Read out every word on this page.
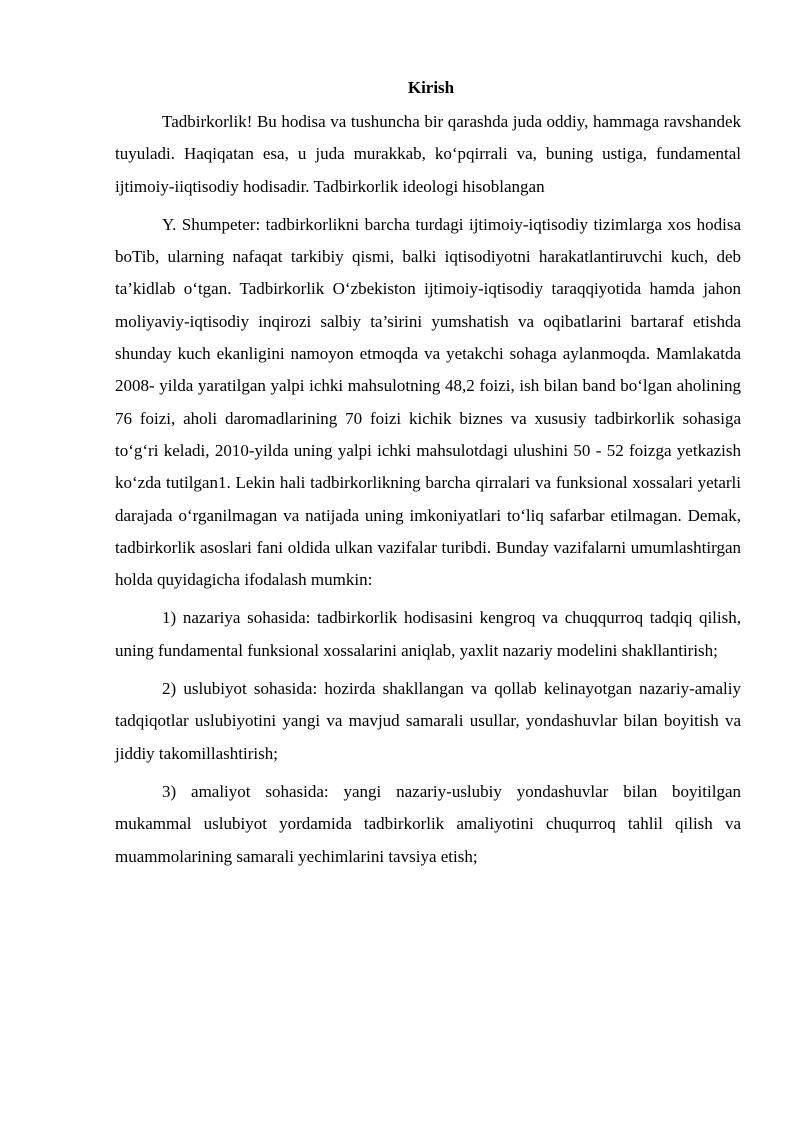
Kirish

Tadbirkorlik! Bu hodisa va tushuncha bir qarashda juda oddiy, hammaga ravshandek tuyuladi. Haqiqatan esa, u juda murakkab, ko‘pqirrali va, buning ustiga, fundamental ijtimoiy-iiqtisodiy hodisadir. Tadbirkorlik ideologi hisoblangan

Y. Shumpeter: tadbirkorlikni barcha turdagi ijtimoiy-iqtisodiy tizimlarga xos hodisa boTib, ularning nafaqat tarkibiy qismi, balki iqtisodiyotni harakatlantiruvchi kuch, deb ta’kidlab o‘tgan. Tadbirkorlik O‘zbekiston ijtimoiy-iqtisodiy taraqqiyotida hamda jahon moliyaviy-iqtisodiy inqirozi salbiy ta’sirini yumshatish va oqibatlarini bartaraf etishda shunday kuch ekanligini namoyon etmoqda va yetakchi sohaga aylanmoqda. Mamlakatda 2008- yilda yaratilgan yalpi ichki mahsulotning 48,2 foizi, ish bilan band bo‘lgan aholining 76 foizi, aholi daromadlarining 70 foizi kichik biznes va xususiy tadbirkorlik sohasiga to‘g‘ri keladi, 2010-yilda uning yalpi ichki mahsulotdagi ulushini 50 - 52 foizga yetkazish ko‘zda tutilgan1. Lekin hali tadbirkorlikning barcha qirralari va funksional xossalari yetarli darajada o‘rganilmagan va natijada uning imkoniyatlari to‘liq safarbar etilmagan. Demak, tadbirkorlik asoslari fani oldida ulkan vazifalar turibdi. Bunday vazifalarni umumlashtirgan holda quyidagicha ifodalash mumkin:

1) nazariya sohasida: tadbirkorlik hodisasini kengroq va chuqqurroq tadqiq qilish, uning fundamental funksional xossalarini aniqlab, yaxlit nazariy modelini shakllantirish;

2) uslubiyot sohasida: hozirda shakllangan va qollab kelinayotgan nazariy-amaliy tadqiqotlar uslubiyotini yangi va mavjud samarali usullar, yondashuvlar bilan boyitish va jiddiy takomillashtirish;

3) amaliyot sohasida: yangi nazariy-uslubiy yondashuvlar bilan boyitilgan mukammal uslubiyot yordamida tadbirkorlik amaliyotini chuqurroq tahlil qilish va muammolarining samarali yechimlarini tavsiya etish;
